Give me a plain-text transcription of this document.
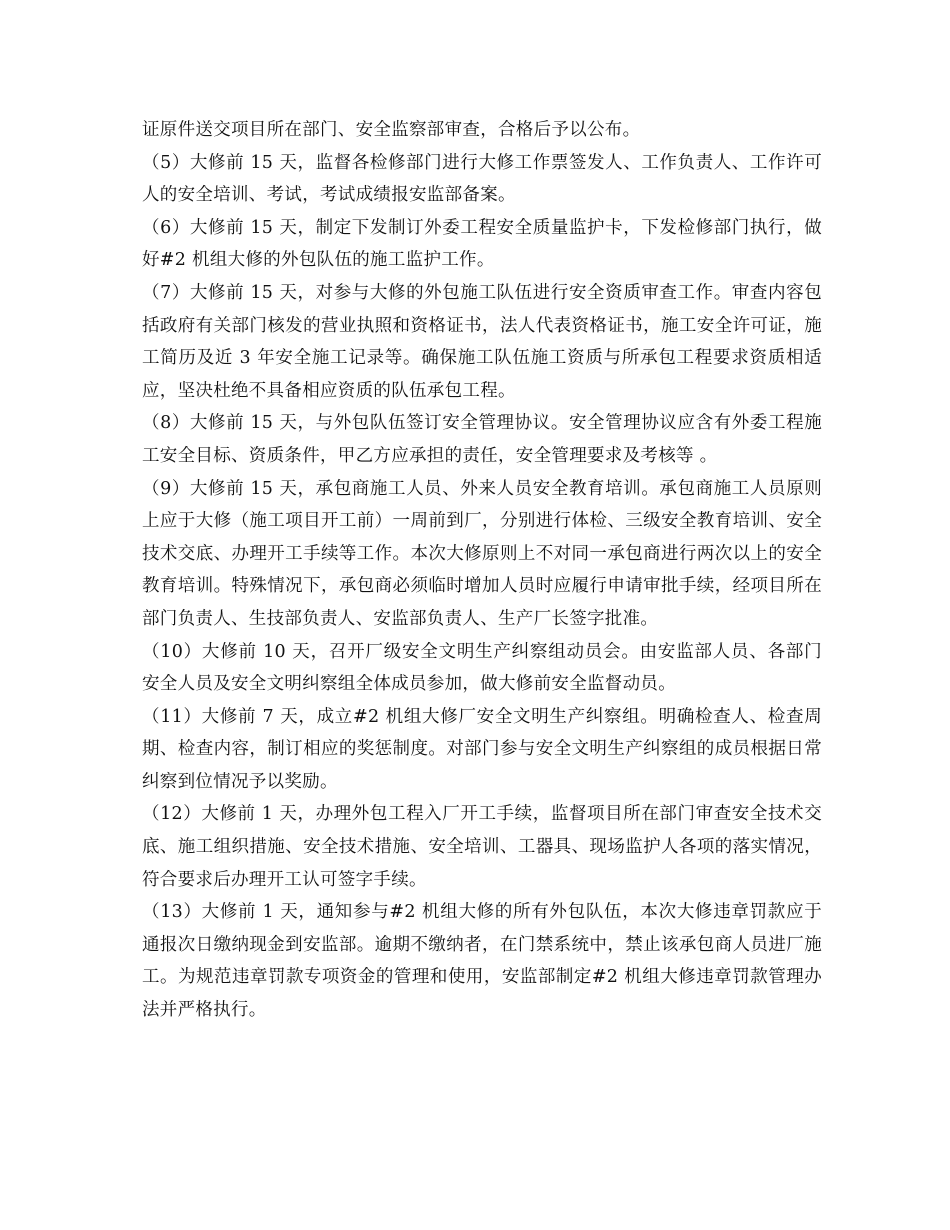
证原件送交项目所在部门、安全监察部审查，合格后予以公布。

（5）大修前 15 天，监督各检修部门进行大修工作票签发人、工作负责人、工作许可人的安全培训、考试，考试成绩报安监部备案。

（6）大修前 15 天，制定下发制订外委工程安全质量监护卡，下发检修部门执行，做好#2 机组大修的外包队伍的施工监护工作。

（7）大修前 15 天，对参与大修的外包施工队伍进行安全资质审查工作。审查内容包括政府有关部门核发的营业执照和资格证书，法人代表资格证书，施工安全许可证，施工简历及近 3 年安全施工记录等。确保施工队伍施工资质与所承包工程要求资质相适应，坚决杜绝不具备相应资质的队伍承包工程。

（8）大修前 15 天，与外包队伍签订安全管理协议。安全管理协议应含有外委工程施工安全目标、资质条件，甲乙方应承担的责任，安全管理要求及考核等 。

（9）大修前 15 天，承包商施工人员、外来人员安全教育培训。承包商施工人员原则上应于大修（施工项目开工前）一周前到厂，分别进行体检、三级安全教育培训、安全技术交底、办理开工手续等工作。本次大修原则上不对同一承包商进行两次以上的安全教育培训。特殊情况下，承包商必须临时增加人员时应履行申请审批手续，经项目所在部门负责人、生技部负责人、安监部负责人、生产厂长签字批准。

（10）大修前 10 天，召开厂级安全文明生产纠察组动员会。由安监部人员、各部门安全人员及安全文明纠察组全体成员参加，做大修前安全监督动员。

（11）大修前 7 天，成立#2 机组大修厂安全文明生产纠察组。明确检查人、检查周期、检查内容，制订相应的奖惩制度。对部门参与安全文明生产纠察组的成员根据日常纠察到位情况予以奖励。

（12）大修前 1 天，办理外包工程入厂开工手续，监督项目所在部门审查安全技术交底、施工组织措施、安全技术措施、安全培训、工器具、现场监护人各项的落实情况，符合要求后办理开工认可签字手续。

（13）大修前 1 天，通知参与#2 机组大修的所有外包队伍，本次大修违章罚款应于通报次日缴纳现金到安监部。逾期不缴纳者，在门禁系统中，禁止该承包商人员进厂施工。为规范违章罚款专项资金的管理和使用，安监部制定#2 机组大修违章罚款管理办法并严格执行。
